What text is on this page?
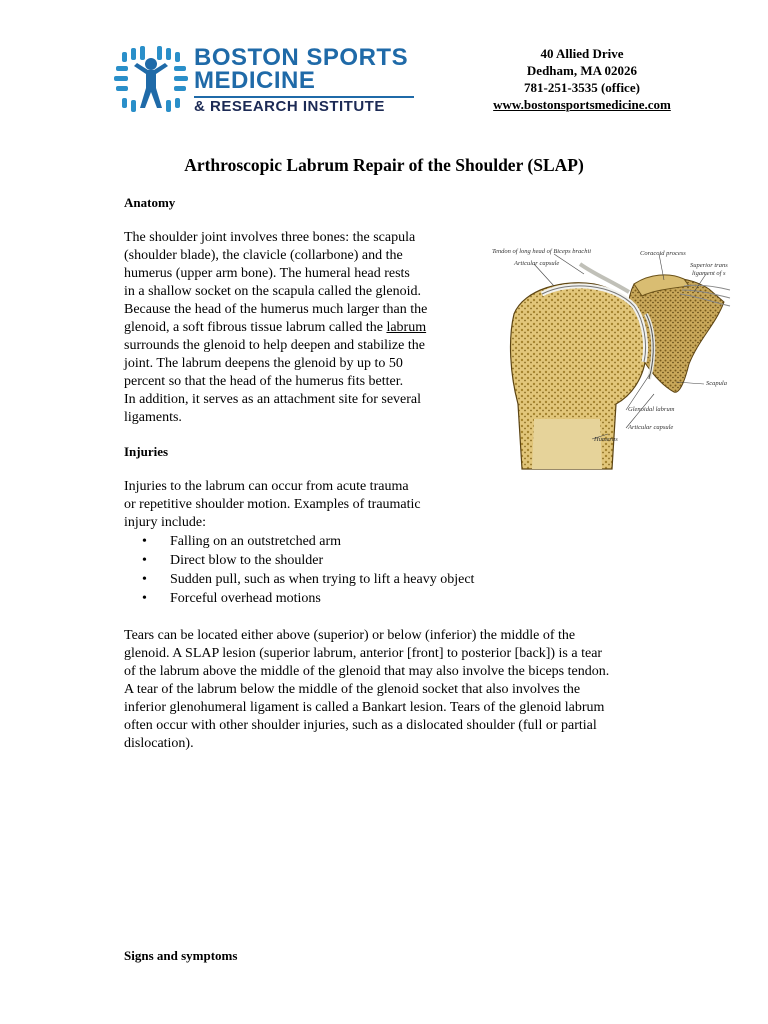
BOSTON SPORTS
MEDICINE
& RESEARCH INSTITUTE
40 Allied Drive
Dedham, MA 02026
781-251-3535 (office)
www.bostonsportsmedicine.com
Arthroscopic Labrum Repair of the Shoulder (SLAP)
Anatomy
The shoulder joint involves three bones: the scapula
(shoulder blade), the clavicle (collarbone) and the
humerus (upper arm bone). The humeral head rests
in a shallow socket on the scapula called the glenoid.
Because the head of the humerus much larger than the
glenoid, a soft fibrous tissue labrum called the labrum
surrounds the glenoid to help deepen and stabilize the
joint. The labrum deepens the glenoid by up to 50
percent so that the head of the humerus fits better.
In addition, it serves as an attachment site for several
ligaments.
Tendon of long head of Biceps brachii
Articular capsule
Coracoid process
Superior trans
ligament of s
Scapula
Glenoidal labrum
Articular capsule
Humerus
Injuries
Injuries to the labrum can occur from acute trauma
or repetitive shoulder motion. Examples of traumatic
injury include:
• Falling on an outstretched arm
• Direct blow to the shoulder
• Sudden pull, such as when trying to lift a heavy object
• Forceful overhead motions
Tears can be located either above (superior) or below (inferior) the middle of the
glenoid. A SLAP lesion (superior labrum, anterior [front] to posterior [back]) is a tear
of the labrum above the middle of the glenoid that may also involve the biceps tendon.
A tear of the labrum below the middle of the glenoid socket that also involves the
inferior glenohumeral ligament is called a Bankart lesion. Tears of the glenoid labrum
often occur with other shoulder injuries, such as a dislocated shoulder (full or partial
dislocation).
Signs and symptoms
